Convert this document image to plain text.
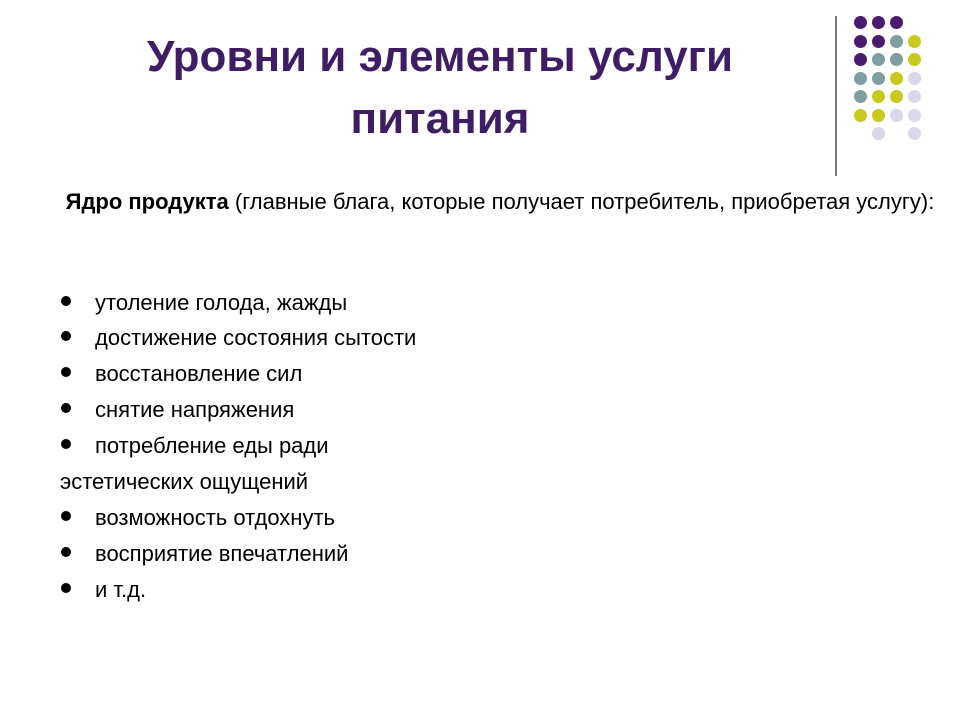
Уровни и элементы услуги питания
Ядро продукта (главные блага, которые получает потребитель, приобретая услугу):
утоление голода, жажды
достижение состояния сытости
восстановление сил
снятие напряжения
потребление еды ради
эстетических ощущений
возможность отдохнуть
восприятие впечатлений
и т.д.
